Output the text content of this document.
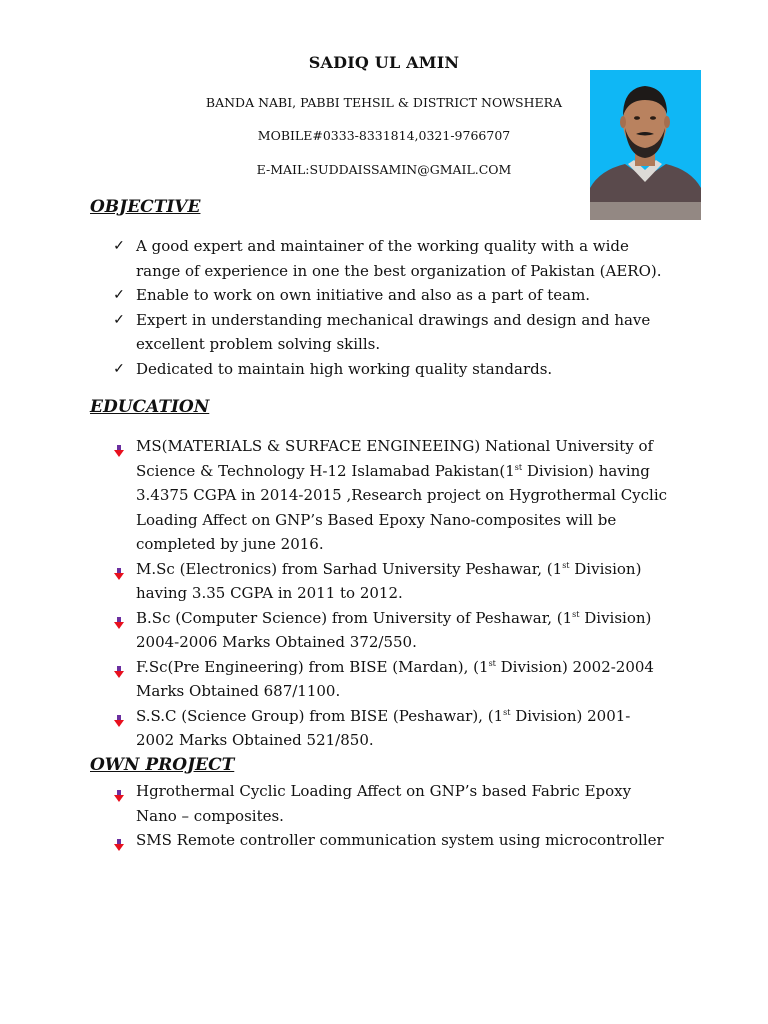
SADIQ UL AMIN
BANDA NABI, PABBI TEHSIL & DISTRICT NOWSHERA
MOBILE#0333-8331814,0321-9766707
E-MAIL:SUDDAISSAMIN@GMAIL.COM
OBJECTIVE
✓ A good expert and maintainer of the working quality with a wide range of experience in one the best organization of Pakistan (AERO).
✓ Enable to work on own initiative and also as a part of team.
✓ Expert in understanding mechanical drawings and design and have excellent problem solving skills.
✓ Dedicated to maintain high working quality standards.
EDUCATION
MS(MATERIALS & SURFACE ENGINEEING) National University of Science & Technology H-12 Islamabad Pakistan(1st Division) having 3.4375 CGPA in 2014-2015 ,Research project on Hygrothermal Cyclic Loading Affect on GNP’s Based Epoxy Nano-composites will be completed by june 2016.
M.Sc (Electronics) from Sarhad University Peshawar, (1st Division) having 3.35 CGPA in 2011 to 2012.
B.Sc (Computer Science) from University of Peshawar, (1st Division) 2004-2006 Marks Obtained 372/550.
F.Sc(Pre Engineering) from BISE (Mardan), (1st Division) 2002-2004 Marks Obtained 687/1100.
S.S.C (Science Group) from BISE (Peshawar), (1st Division) 2001-2002 Marks Obtained 521/850.
OWN PROJECT
Hgrothermal Cyclic Loading Affect on GNP’s based Fabric Epoxy Nano – composites.
SMS Remote controller communication system using microcontroller
